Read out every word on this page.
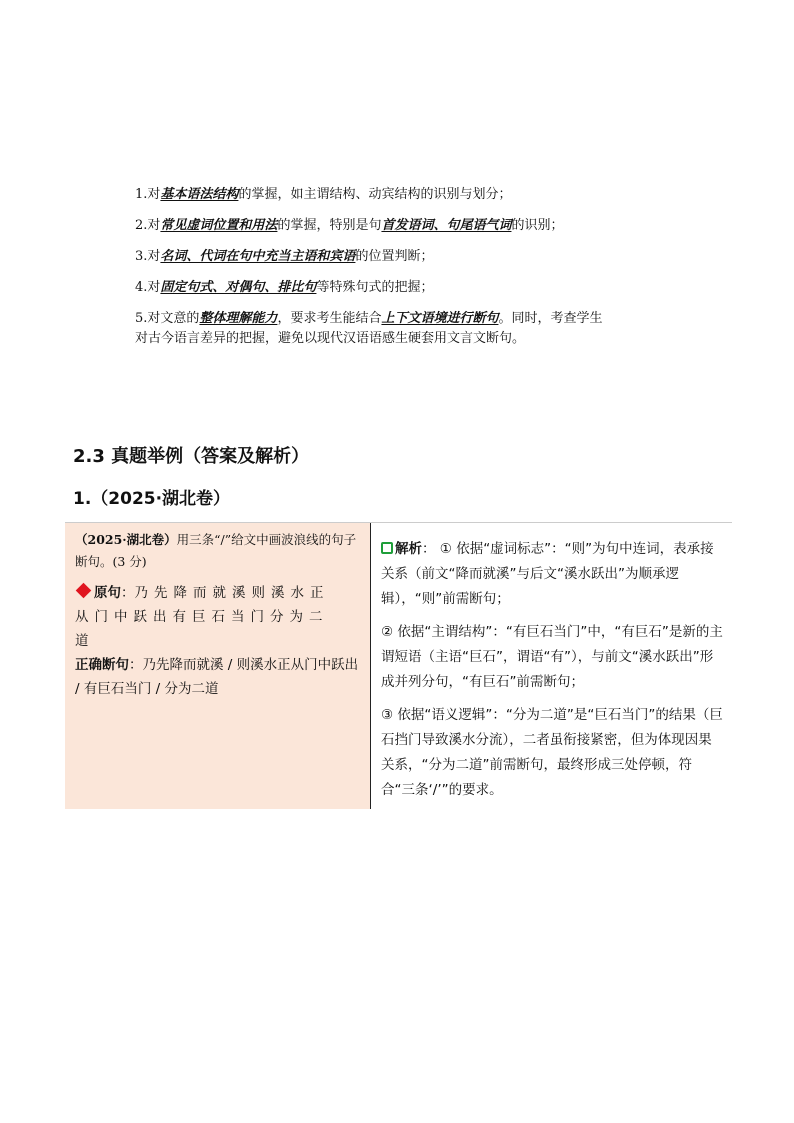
1.对基本语法结构的掌握，如主谓结构、动宾结构的识别与划分；
2.对常见虚词位置和用法的掌握，特别是句首发语词、句尾语气词的识别；
3.对名词、代词在句中充当主语和宾语的位置判断；
4.对固定句式、对偶句、排比句等特殊句式的把握；
5.对文意的整体理解能力，要求考生能结合上下文语境进行断句。同时，考查学生
对古今语言差异的把握，避免以现代汉语语感生硬套用文言文断句。
2.3 真题举例（答案及解析）
1.（2025·湖北卷）
（2025·湖北卷）用三条“/”给文中画波浪线的句子断句。(3 分)
原句：乃先降而就溪则溪水正
从门中跃出有巨石当门分为二
道
正确断句：乃先降而就溪 / 则溪水正从门中跃出 / 有巨石当门 / 分为二道

解析： ① 依据“虚词标志”：“则”为句中连词，表承接关系（前文“降而就溪”与后文“溪水跃出”为顺承逻辑），“则”前需断句；

② 依据“主谓结构”：“有巨石当门”中，“有巨石”是新的主谓短语（主语“巨石”，谓语“有”），与前文“溪水跃出”形成并列分句，“有巨石”前需断句；

③ 依据“语义逻辑”：“分为二道”是“巨石当门”的结果（巨石挡门导致溪水分流），二者虽衔接紧密，但为体现因果关系，“分为二道”前需断句，最终形成三处停顿，符合“三条‘/’”的要求。
